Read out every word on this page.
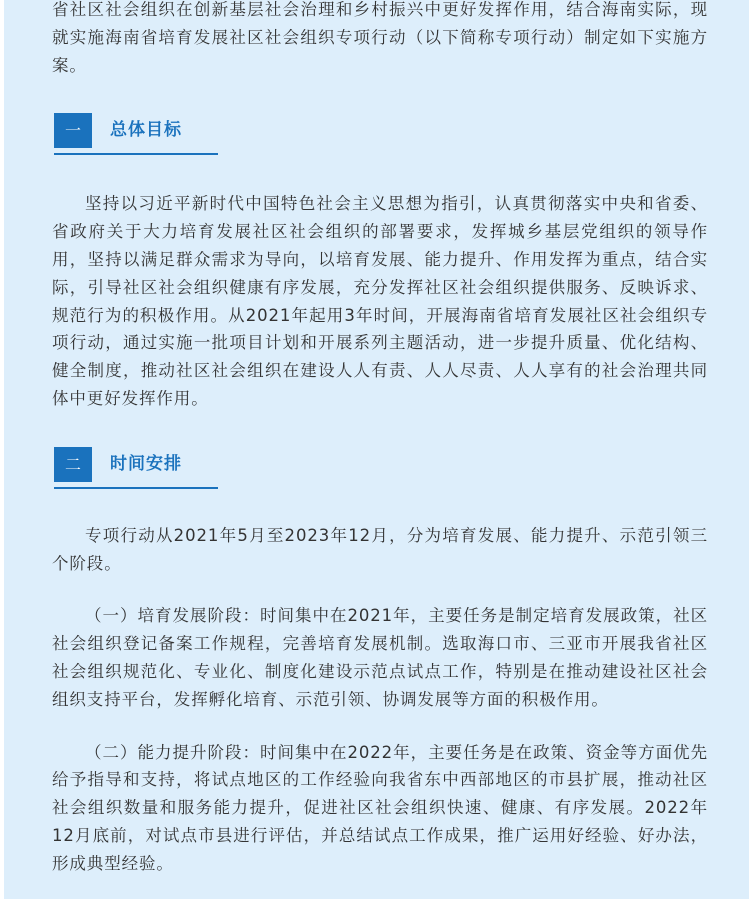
省社区社会组织在创新基层社会治理和乡村振兴中更好发挥作用，结合海南实际，现就实施海南省培育发展社区社会组织专项行动（以下简称专项行动）制定如下实施方案。

一	总体目标

坚持以习近平新时代中国特色社会主义思想为指引，认真贯彻落实中央和省委、省政府关于大力培育发展社区社会组织的部署要求，发挥城乡基层党组织的领导作用，坚持以满足群众需求为导向，以培育发展、能力提升、作用发挥为重点，结合实际，引导社区社会组织健康有序发展，充分发挥社区社会组织提供服务、反映诉求、规范行为的积极作用。从2021年起用3年时间，开展海南省培育发展社区社会组织专项行动，通过实施一批项目计划和开展系列主题活动，进一步提升质量、优化结构、健全制度，推动社区社会组织在建设人人有责、人人尽责、人人享有的社会治理共同体中更好发挥作用。

二	时间安排

专项行动从2021年5月至2023年12月，分为培育发展、能力提升、示范引领三个阶段。

（一）培育发展阶段：时间集中在2021年，主要任务是制定培育发展政策，社区社会组织登记备案工作规程，完善培育发展机制。选取海口市、三亚市开展我省社区社会组织规范化、专业化、制度化建设示范点试点工作，特别是在推动建设社区社会组织支持平台，发挥孵化培育、示范引领、协调发展等方面的积极作用。

（二）能力提升阶段：时间集中在2022年，主要任务是在政策、资金等方面优先给予指导和支持，将试点地区的工作经验向我省东中西部地区的市县扩展，推动社区社会组织数量和服务能力提升，促进社区社会组织快速、健康、有序发展。2022年12月底前，对试点市县进行评估，并总结试点工作成果，推广运用好经验、好办法，形成典型经验。
